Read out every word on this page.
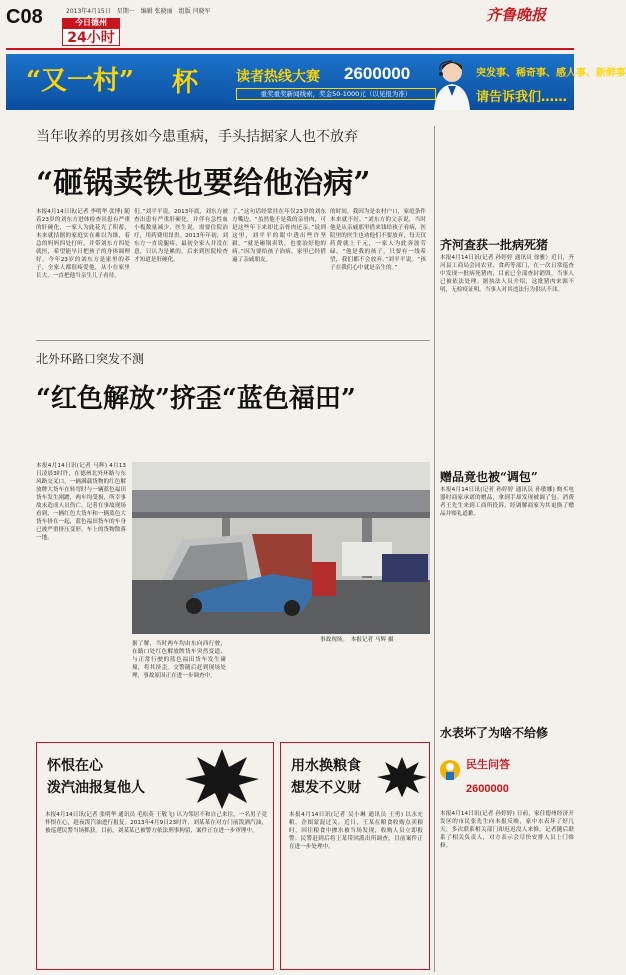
C08	2013年4月15日　星期一　编辑 张晓丽　组版 闫晓军
今日德州
24小时
齐鲁晚报
“又一村” 杯	读者热线大赛 2600000
重奖重奖新闻线索，奖金50-1000元（以见报为准）
突发事、稀奇事、感人事、新鲜事
请告诉我们……
当年收养的男孩如今患重病，手头拮据家人也不放弃
“砸锅卖铁也要给他治病”
本报4月14日讯(记者 李明华 张博) 随着23岁的刘东方进体检查出患有严重的肝硬化，一家人为此花光了积蓄，本来就拮据的家庭实在难以为继，着急的妈妈四处打听，并带刘东方四处就医，希望能早日把孩子的身体调理好。今年23岁的刘东方是家里的养子，全家人都很疼爱他，从小在家里长大，一直把他当亲生儿子看待。
们。”刘平平说。2013年底，刘东方被查出患有严重肝硬化，并伴有急性血小板数量减少，医生说，需要住院治疗，用药费用昂贵。2013年年初，刘东方一直说腿疼，最初全家人并没在意，只认为是累的，后来到医院检查才知道是肝硬化。
了。”这句话经常挂在年仅23岁的刘东方嘴边。“虽然他不是我的亲骨肉，可是这些年下来却比亲骨肉还亲。”说到这里，刘平平的眼中透出些许坚毅，“就是砸锅卖铁，也要治好他的病。”因为要给孩子治病，家里已经借遍了亲戚朋友。
的时间，我因为是农村户口，家庭条件本来就不好。“刘东方的父亲说，当时他是从亲戚那里借来钱给孩子看病，医院里的医生也劝他们不要放弃，每天仅药费就上千元，一家人为此奔波劳碌。“他是我的孩子，只要有一线希望，我们都不会放弃。”刘平平说。“孩子在我们心中就是亲生的。”
北外环路口突发不测
“红色解放”挤歪“蓝色福田”
本报4月14日讯(记者 马辉) 4月13日凌晨3时许，在德州北外环路与东风路交叉口，一辆满载货物的红色解放牌大货车在转弯时与一辆蓝色福田货车发生剐蹭，两车均受损，所幸事故未造成人员伤亡。记者在事故现场看到，一辆红色大货车和一辆蓝色大货车挤在一起，蓝色福田货车的车身已被严重挤压变形，车上的货物散落一地。
据了解，当时两车均由东向西行驶，在路口处红色解放牌货车突然变道，与正常行驶的蓝色福田货车发生碰撞，将其挤歪。交警随后赶到现场处理，事故原因正在进一步调查中。
事故现场。　本报记者 马辉 摄
齐河查获一批病死猪
本报4月14日讯(记者 孙婷婷 通讯员 徐雅）近日，齐河县工商局会同农业、食药等部门，在一次日常巡查中发现一批病死猪肉，目前已全部查封销毁。当事人已被依法处理。据执法人员介绍，这批猪肉来源不明，无检疫证明，当事人对其违法行为供认不讳。
赠品竟也被“调包”
本报4月14日讯(记者 孙婷婷 通讯员 孙敏娜) 购买电器时商家承诺的赠品，拿到手却发现被调了包。消费者王先生来到工商所投诉，经调解商家为其更换了赠品并赔礼道歉。
水表坏了为啥不给修
本报4月14日讯(记者 孙婷婷) 日前，家住德州经济开发区的市民张先生向本报反映，家中水表坏了好几天，多次联系相关部门却迟迟没人来修。记者随后联系了相关负责人，对方表示会尽快安排人员上门维修。
民生问答
2600000
怀恨在心
泼汽油报复他人
本报4月14日讯(记者 张明华 通讯员 毛松英 王敬飞) 认为邻居不和自己来往，一名男子竟怀恨在心，趁夜泼汽油进行报复。2013年4月9日23时许，刘某某在对方门前泼洒汽油，被巡逻民警当场抓获。目前，刘某某已被警方依法刑事拘留，案件正在进一步审理中。
用水换粮食
想发不义财
本报4月14日讯(记者 吴小琳 通讯员 王勇) 以水充粮，企图蒙混过关。近日，王某在粮食收购点卖粮时，因往粮食中掺水被当场发现，收购人员立即报警。民警赶到后将王某带回派出所调查，目前案件正在进一步处理中。
